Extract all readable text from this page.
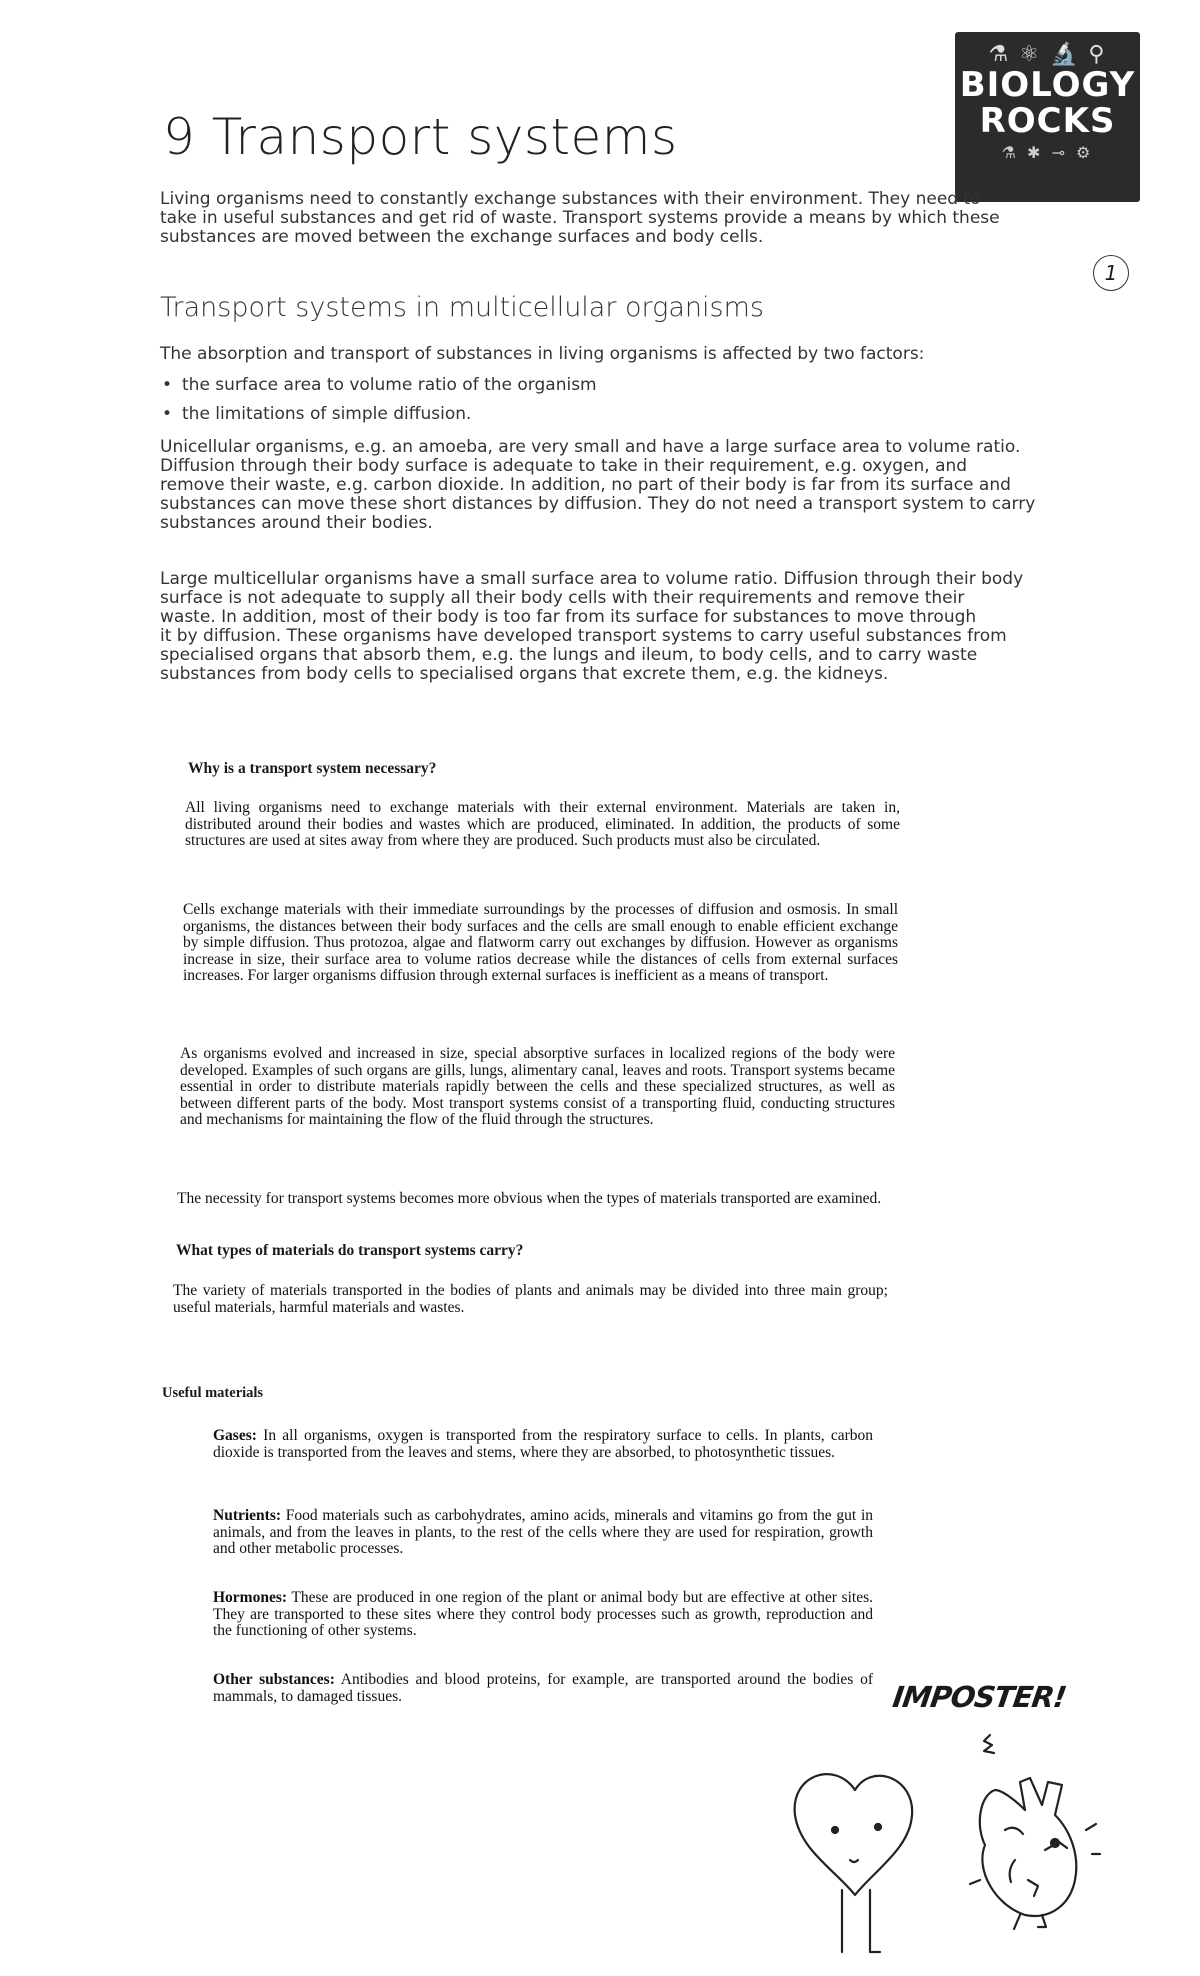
9 Transport systems
⚗ ⚛ 🔬 ⚲
BIOLOGY
ROCKS
⚗ ✱ ⊸ ⚙
1
Living organisms need to constantly exchange substances with their environment. They need to
take in useful substances and get rid of waste. Transport systems provide a means by which these
substances are moved between the exchange surfaces and body cells.
Transport systems in multicellular organisms
The absorption and transport of substances in living organisms is affected by two factors:
• the surface area to volume ratio of the organism
• the limitations of simple diffusion.
Unicellular organisms, e.g. an amoeba, are very small and have a large surface area to volume ratio.
Diffusion through their body surface is adequate to take in their requirement, e.g. oxygen, and
remove their waste, e.g. carbon dioxide. In addition, no part of their body is far from its surface and
substances can move these short distances by diffusion. They do not need a transport system to carry
substances around their bodies.
Large multicellular organisms have a small surface area to volume ratio. Diffusion through their body
surface is not adequate to supply all their body cells with their requirements and remove their
waste. In addition, most of their body is too far from its surface for substances to move through
it by diffusion. These organisms have developed transport systems to carry useful substances from
specialised organs that absorb them, e.g. the lungs and ileum, to body cells, and to carry waste
substances from body cells to specialised organs that excrete them, e.g. the kidneys.
Why is a transport system necessary?
All living organisms need to exchange materials with their external environment. Materials are taken in, distributed around their bodies and wastes which are produced, eliminated. In addition, the products of some structures are used at sites away from where they are produced. Such products must also be circulated.
Cells exchange materials with their immediate surroundings by the processes of diffusion and osmosis. In small organisms, the distances between their body surfaces and the cells are small enough to enable efficient exchange by simple diffusion. Thus protozoa, algae and flatworm carry out exchanges by diffusion. However as organisms increase in size, their surface area to volume ratios decrease while the distances of cells from external surfaces increases. For larger organisms diffusion through external surfaces is inefficient as a means of transport.
As organisms evolved and increased in size, special absorptive surfaces in localized regions of the body were developed. Examples of such organs are gills, lungs, alimentary canal, leaves and roots. Transport systems became essential in order to distribute materials rapidly between the cells and these specialized structures, as well as between different parts of the body. Most transport systems consist of a transporting fluid, conducting structures and mechanisms for maintaining the flow of the fluid through the structures.
The necessity for transport systems becomes more obvious when the types of materials transported are examined.
What types of materials do transport systems carry?
The variety of materials transported in the bodies of plants and animals may be divided into three main group; useful materials, harmful materials and wastes.
Useful materials
Gases: In all organisms, oxygen is transported from the respiratory surface to cells. In plants, carbon dioxide is transported from the leaves and stems, where they are absorbed, to photosynthetic tissues.
Nutrients: Food materials such as carbohydrates, amino acids, minerals and vitamins go from the gut in animals, and from the leaves in plants, to the rest of the cells where they are used for respiration, growth and other metabolic processes.
Hormones: These are produced in one region of the plant or animal body but are effective at other sites. They are transported to these sites where they control body processes such as growth, reproduction and the functioning of other systems.
Other substances: Antibodies and blood proteins, for example, are transported around the bodies of mammals, to damaged tissues.	IMPOSTER!
